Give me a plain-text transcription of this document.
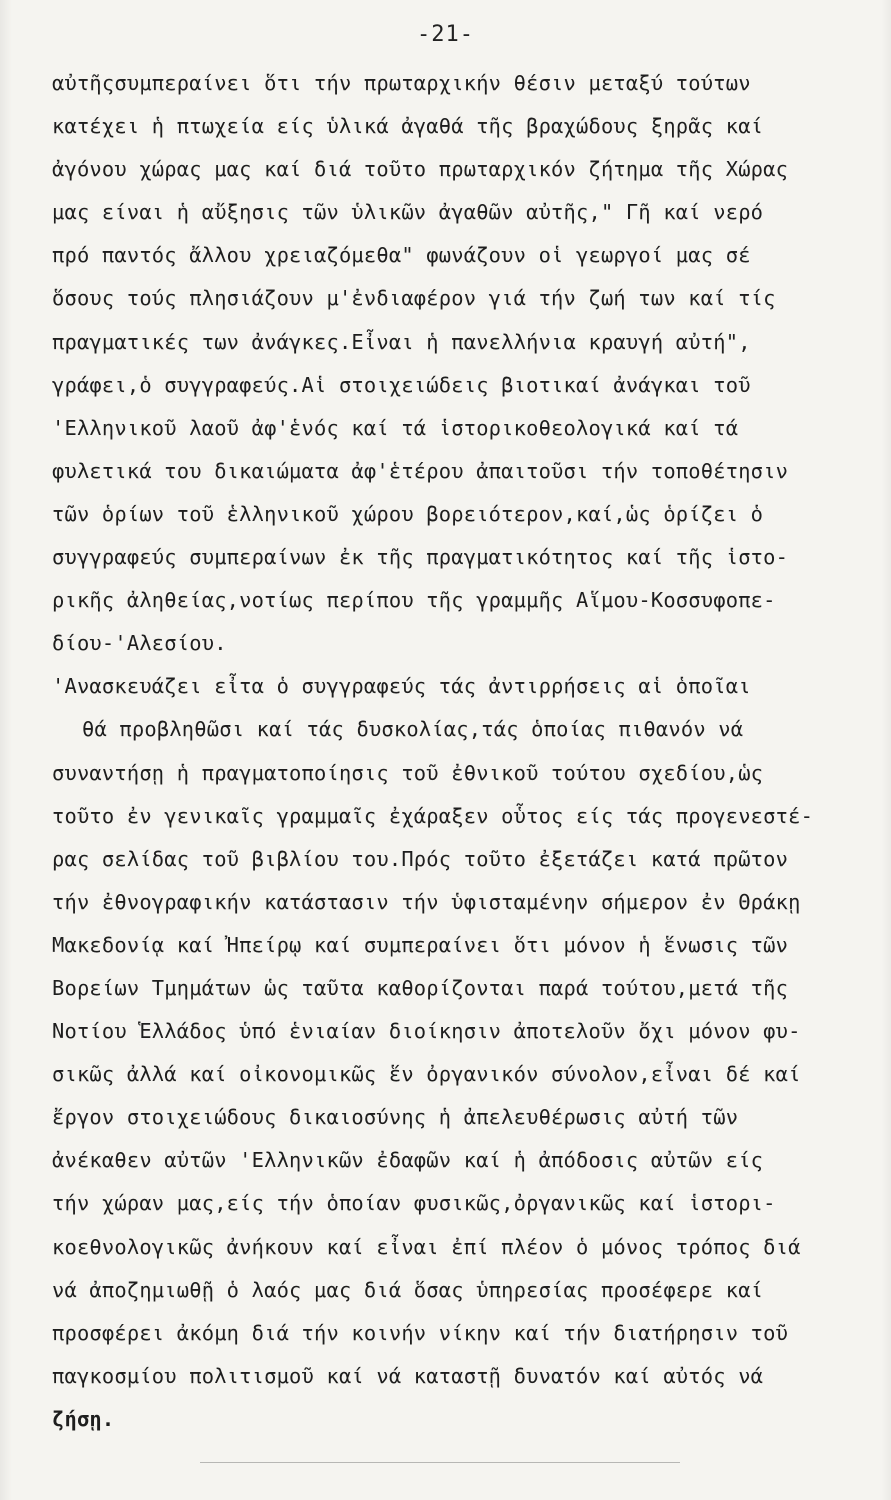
-21-
αὐτῆςσυμπεραίνει ὅτι τήν πρωταρχικήν θέσιν μεταξύ τούτων
κατέχει ἡ πτωχεία είς ὑλικά ἀγαθά τῆς βραχώδους ξηρᾶς καί
ἀγόνου χώρας μας καί διά τοῦτο πρωταρχικόν ζήτημα τῆς Χώρας
μας είναι ἡ αὔξησις τῶν ὑλικῶν ἀγαθῶν αὐτῆς," Γῆ καί νερό
πρό παντός ἄλλου χρειαζόμεθα" φωνάζουν οἱ γεωργοί μας σέ
ὅσους τούς πλησιάζουν μ'ἐνδιαφέρον γιά τήν ζωή των καί τίς
πραγματικές των ἀνάγκες.Εἶναι ἡ πανελλήνια κραυγή αὐτή",
γράφει,ὁ συγγραφεύς.Αἱ στοιχειώδεις βιοτικαί ἀνάγκαι τοῦ
'Ελληνικοῦ λαοῦ ἀφ'ἑνός καί τά ἱστορικοθεολογικά καί τά
φυλετικά του δικαιώματα ἀφ'ἑτέρου ἀπαιτοῦσι τήν τοποθέτησιν
τῶν ὁρίων τοῦ ἑλληνικοῦ χώρου βορειότερον,καί,ὡς ὁρίζει ὁ
συγγραφεύς συμπεραίνων ἐκ τῆς πραγματικότητος καί τῆς ἱστο-
ρικῆς ἀληθείας,νοτίως περίπου τῆς γραμμῆς Αἵμου-Κοσσυφοπε-
δίου-'Αλεσίου.
'Ανασκευάζει εἶτα ὁ συγγραφεύς τάς ἀντιρρήσεις αἱ ὁποῖαι
θά προβληθῶσι καί τάς δυσκολίας,τάς ὁποίας πιθανόν νά
συναντήσῃ ἡ πραγματοποίησις τοῦ ἐθνικοῦ τούτου σχεδίου,ὡς
τοῦτο ἐν γενικαῖς γραμμαῖς ἐχάραξεν οὗτος είς τάς προγενεστέ-
ρας σελίδας τοῦ βιβλίου του.Πρός τοῦτο ἐξετάζει κατά πρῶτον
τήν ἐθνογραφικήν κατάστασιν τήν ὑφισταμένην σήμερον ἐν Θράκῃ
Μακεδονίᾳ καί Ἠπείρῳ καί συμπεραίνει ὅτι μόνον ἡ ἕνωσις τῶν
Βορείων Τμημάτων ὡς ταῦτα καθορίζονται παρά τούτου,μετά τῆς
Νοτίου Ἑλλάδος ὑπό ἑνιαίαν διοίκησιν ἀποτελοῦν ὄχι μόνον φυ-
σικῶς ἀλλά καί οἰκονομικῶς ἕν ὀργανικόν σύνολον,εἶναι δέ καί
ἔργον στοιχειώδους δικαιοσύνης ἡ ἀπελευθέρωσις αὐτή τῶν
ἀνέκαθεν αὐτῶν 'Ελληνικῶν ἐδαφῶν καί ἡ ἀπόδοσις αὐτῶν είς
τήν χώραν μας,είς τήν ὁποίαν φυσικῶς,ὀργανικῶς καί ἱστορι-
κοεθνολογικῶς ἀνήκουν καί εἶναι ἐπί πλέον ὁ μόνος τρόπος διά
νά ἀποζημιωθῇ ὁ λαός μας διά ὅσας ὑπηρεσίας προσέφερε καί
προσφέρει ἀκόμη διά τήν κοινήν νίκην καί τήν διατήρησιν τοῦ
παγκοσμίου πολιτισμοῦ καί νά καταστῇ δυνατόν καί αὐτός νά
ζήσῃ.
